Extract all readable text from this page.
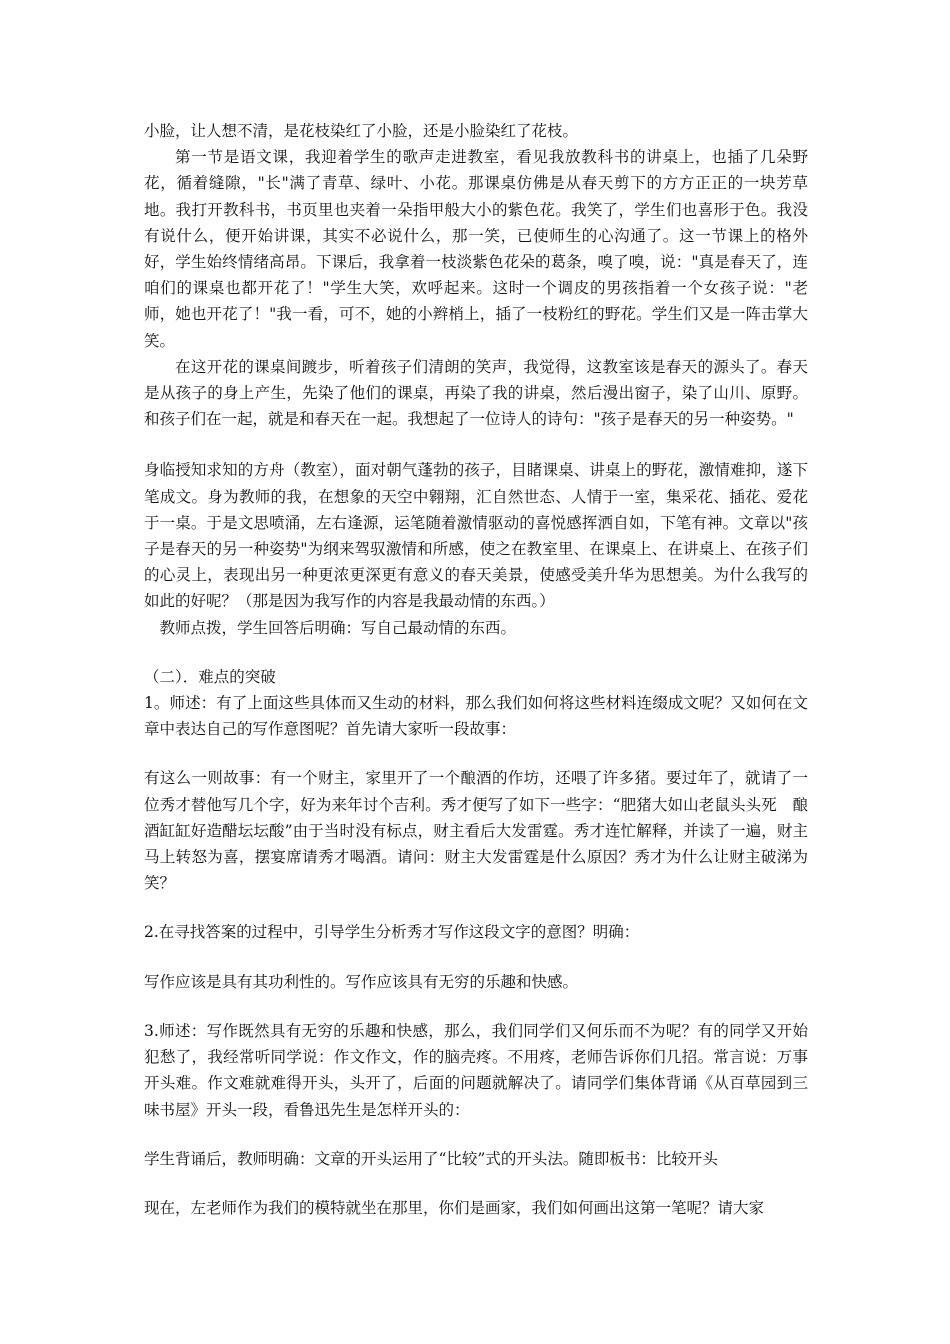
小脸，让人想不清，是花枝染红了小脸，还是小脸染红了花枝。

第一节是语文课，我迎着学生的歌声走进教室，看见我放教科书的讲桌上，也插了几朵野花，循着缝隙，"长"满了青草、绿叶、小花。那课桌仿佛是从春天剪下的方方正正的一块芳草地。我打开教科书，书页里也夹着一朵指甲般大小的紫色花。我笑了，学生们也喜形于色。我没有说什么，便开始讲课，其实不必说什么，那一笑，已使师生的心沟通了。这一节课上的格外好，学生始终情绪高昂。下课后，我拿着一枝淡紫色花朵的葛条，嗅了嗅，说："真是春天了，连咱们的课桌也都开花了！"学生大笑，欢呼起来。这时一个调皮的男孩指着一个女孩子说："老师，她也开花了！"我一看，可不，她的小辫梢上，插了一枝粉红的野花。学生们又是一阵击掌大笑。

在这开花的课桌间踱步，听着孩子们清朗的笑声，我觉得，这教室该是春天的源头了。春天是从孩子的身上产生，先染了他们的课桌，再染了我的讲桌，然后漫出窗子，染了山川、原野。和孩子们在一起，就是和春天在一起。我想起了一位诗人的诗句："孩子是春天的另一种姿势。"

身临授知求知的方舟（教室），面对朝气蓬勃的孩子，目睹课桌、讲桌上的野花，激情难抑，遂下笔成文。身为教师的我，在想象的天空中翱翔，汇自然世态、人情于一室，集采花、插花、爱花于一桌。于是文思喷涌，左右逢源，运笔随着激情驱动的喜悦感挥洒自如，下笔有神。文章以"孩子是春天的另一种姿势"为纲来驾驭激情和所感，使之在教室里、在课桌上、在讲桌上、在孩子们的心灵上，表现出另一种更浓更深更有意义的春天美景，使感受美升华为思想美。为什么我写的如此的好呢？（那是因为我写作的内容是我最动情的东西。）

教师点拨，学生回答后明确：写自己最动情的东西。

（二）．难点的突破

1。师述：有了上面这些具体而又生动的材料，那么我们如何将这些材料连缀成文呢？又如何在文章中表达自己的写作意图呢？首先请大家听一段故事：

有这么一则故事：有一个财主，家里开了一个酿酒的作坊，还喂了许多猪。要过年了，就请了一位秀才替他写几个字，好为来年讨个吉利。秀才便写了如下一些字：“肥猪大如山老鼠头头死　酿酒缸缸好造醋坛坛酸”由于当时没有标点，财主看后大发雷霆。秀才连忙解释，并读了一遍，财主马上转怒为喜，摆宴席请秀才喝酒。请问：财主大发雷霆是什么原因？秀才为什么让财主破涕为笑？

2.在寻找答案的过程中，引导学生分析秀才写作这段文字的意图？明确：

写作应该是具有其功利性的。写作应该具有无穷的乐趣和快感。

3.师述：写作既然具有无穷的乐趣和快感，那么，我们同学们又何乐而不为呢？有的同学又开始犯愁了，我经常听同学说：作文作文，作的脑壳疼。不用疼，老师告诉你们几招。常言说：万事开头难。作文难就难得开头，头开了，后面的问题就解决了。请同学们集体背诵《从百草园到三味书屋》开头一段，看鲁迅先生是怎样开头的：

学生背诵后，教师明确：文章的开头运用了“比较”式的开头法。随即板书：比较开头

现在，左老师作为我们的模特就坐在那里，你们是画家，我们如何画出这第一笔呢？请大家
